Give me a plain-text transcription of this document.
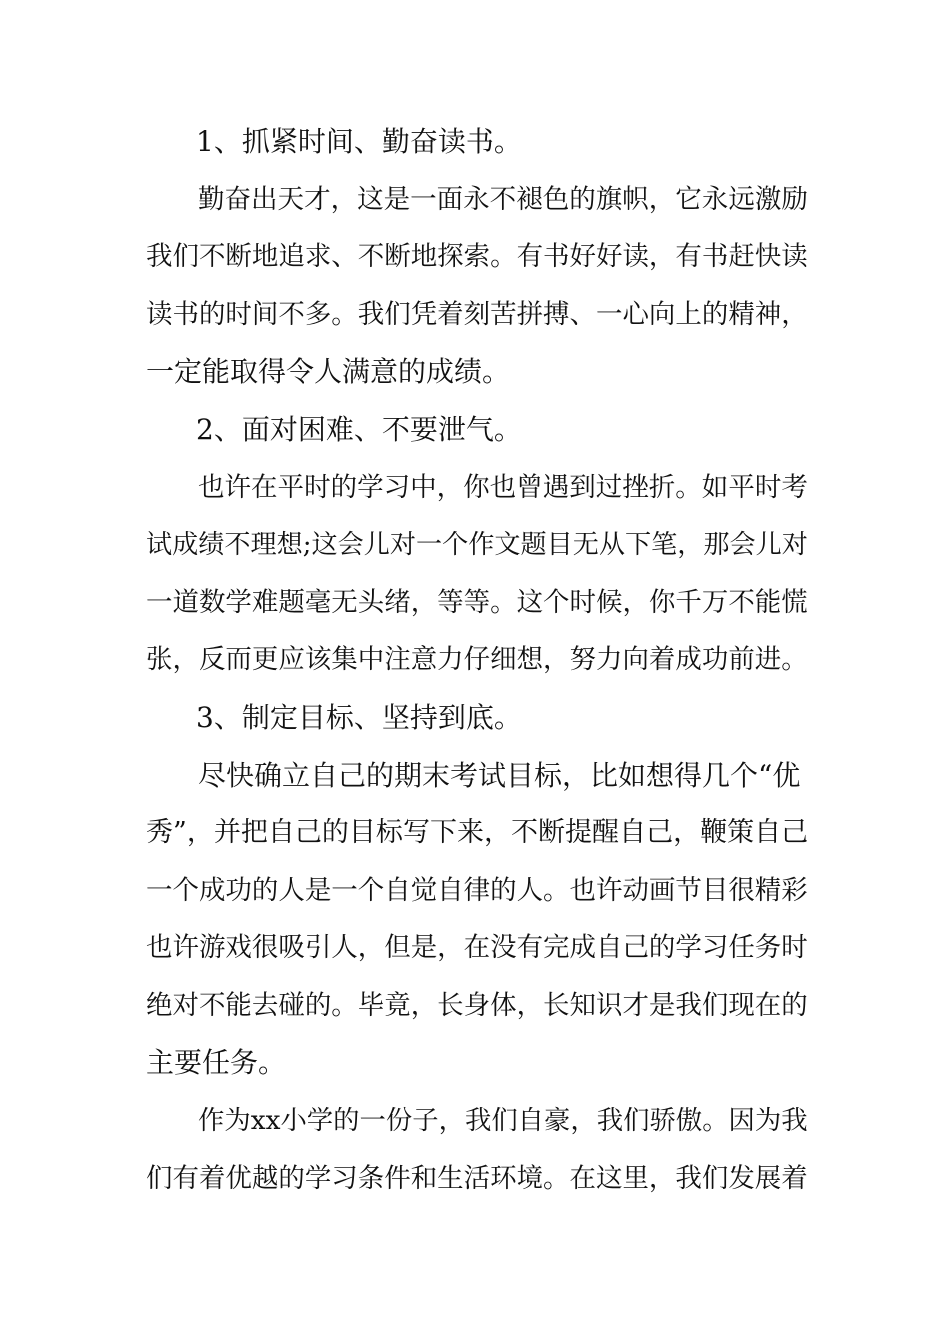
1、抓紧时间、勤奋读书。

勤奋出天才，这是一面永不褪色的旗帜，它永远激励

我们不断地追求、不断地探索。有书好好读，有书赶快读

读书的时间不多。我们凭着刻苦拼搏、一心向上的精神，

一定能取得令人满意的成绩。

2、面对困难、不要泄气。

也许在平时的学习中，你也曾遇到过挫折。如平时考

试成绩不理想;这会儿对一个作文题目无从下笔，那会儿对

一道数学难题毫无头绪，等等。这个时候，你千万不能慌

张，反而更应该集中注意力仔细想，努力向着成功前进。

3、制定目标、坚持到底。

尽快确立自己的期末考试目标，比如想得几个“优

秀”，并把自己的目标写下来，不断提醒自己，鞭策自己

一个成功的人是一个自觉自律的人。也许动画节目很精彩

也许游戏很吸引人，但是，在没有完成自己的学习任务时

绝对不能去碰的。毕竟，长身体，长知识才是我们现在的

主要任务。

作为xx小学的一份子，我们自豪，我们骄傲。因为我

们有着优越的学习条件和生活环境。在这里，我们发展着
